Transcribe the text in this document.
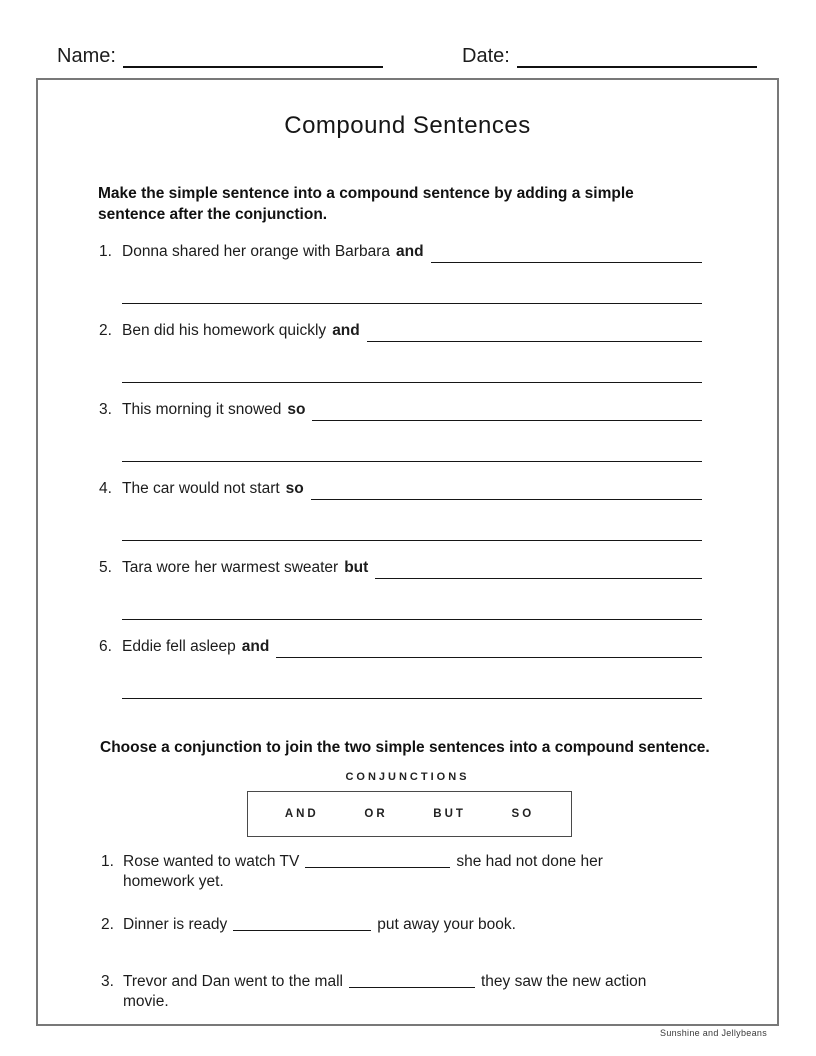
Name:	Date:
Compound Sentences
Make the simple sentence into a compound sentence by adding a simple sentence after the conjunction.
1. Donna shared her orange with Barbara and
2. Ben did his homework quickly and
3. This morning it snowed so
4. The car would not start so
5. Tara wore her warmest sweater but
6. Eddie fell asleep and
Choose a conjunction to join the two simple sentences into a compound sentence.
CONJUNCTIONS
AND	OR	BUT	SO
1. Rose wanted to watch TV	she had not done her
homework yet.
2. Dinner is ready	put away your book.
3. Trevor and Dan went to the mall	they saw the new action
movie.
Sunshine and Jellybeans
